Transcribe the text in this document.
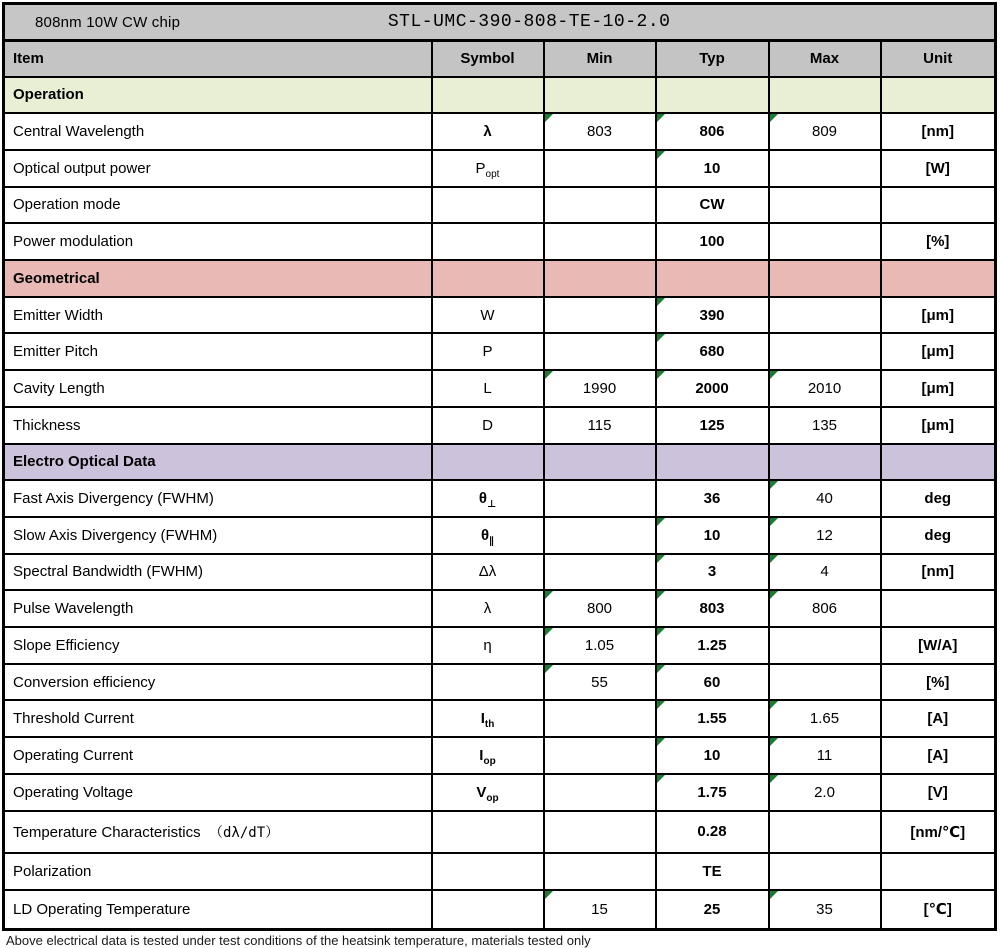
808nm 10W CW chip STL-UMC-390-808-TE-10-2.0					

Item	Symbol	Min	Typ	Max	Unit
Operation					
Central Wavelength	λ	803	806	809	[nm]
Optical output power	$P_{opt}$		10		[W]
Operation mode			CW		
Power modulation			100		[%]
Geometrical					
Emitter Width	W		390		[μm]
Emitter Pitch	P		680		[μm]
Cavity Length	L	1990	2000	2010	[μm]
Thickness	D	115	125	135	[μm]
Electro Optical Data					
Fast Axis Divergency (FWHM)	$\theta_\perp$		36	40	deg
Slow Axis Divergency (FWHM)	$\theta_\parallel$		10	12	deg
Spectral Bandwidth (FWHM)	Δλ		3	4	[nm]
Pulse Wavelength	λ	800	803	806

Slope Efficiency	η	1.05	1.25		[W/A]
Conversion efficiency		55	60		[%]
Threshold Current	$I_{th}$		1.55	1.65	[A]
Operating Current	$I_{op}$		10	11	[A]
Operating Voltage	$V_{op}$		1.75	2.0	[V]
Temperature Characteristics （dλ/dT）			0.28		[nm/℃]
Polarization			TE		
LD Operating Temperature		15	25	35	[℃]
Above electrical data is tested under test conditions of the heatsink temperature, materials tested only
